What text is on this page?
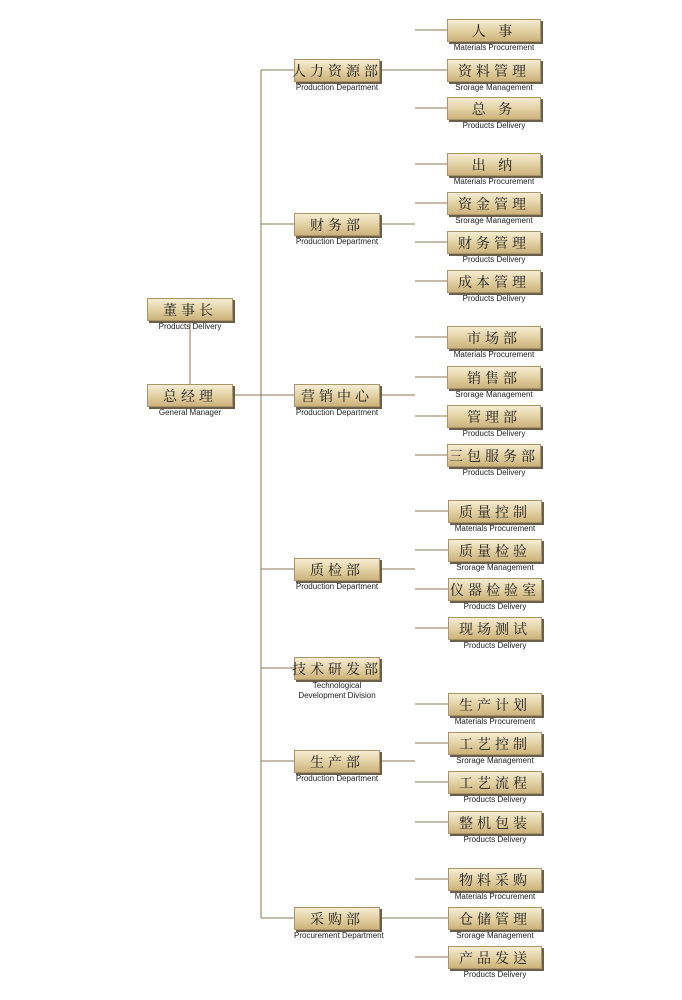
董事长
Products Delivery
总经理
General Manager
人力资源部
Production Department
人 事
Materials Procurement
资料管理
Srorage Management
总 务
Products Delivery
财务部
Production Department
出 纳
Materials Procurement
资金管理
Srorage Management
财务管理
Products Delivery
成本管理
Products Delivery
营销中心
Production Department
市场部
Materials Procurement
销售部
Srorage Management
管理部
Products Delivery
三包服务部
Products Delivery
质检部
Production Department
质量控制
Materials Procurement
质量检验
Srorage Management
仪器检验室
Products Delivery
现场测试
Products Delivery
技术研发部
Technological Development Division
生产部
Production Department
生产计划
Materials Procurement
工艺控制
Srorage Management
工艺流程
Products Delivery
整机包装
Products Delivery
采购部
Procurement Department
物料采购
Materials Procurement
仓储管理
Srorage Management
产品发送
Products Delivery
